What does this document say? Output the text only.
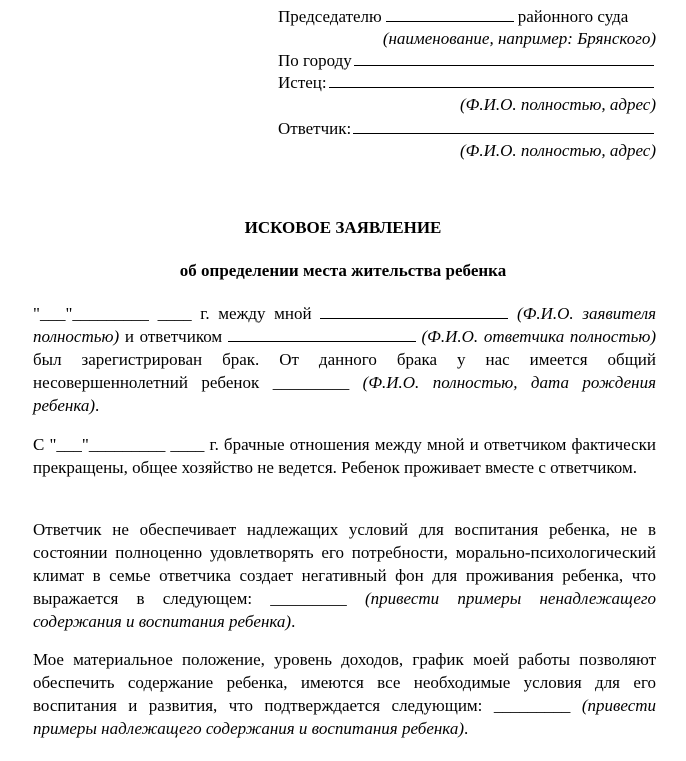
Председателю	районного суда
(наименование, например: Брянского)
По городу
Истец:
(Ф.И.О. полностью, адрес)
Ответчик:
(Ф.И.О. полностью, адрес)
ИСКОВОЕ ЗАЯВЛЕНИЕ
об определении места жительства ребенка

"___"_________ ____ г. между мной	(Ф.И.О. заявителя полностью) и ответчиком	(Ф.И.О. ответчика полностью) был зарегистрирован брак. От данного брака у нас имеется общий несовершеннолетний ребенок _________ (Ф.И.О. полностью, дата рождения ребенка).

С "___"_________ ____ г. брачные отношения между мной и ответчиком фактически прекращены, общее хозяйство не ведется. Ребенок проживает вместе с ответчиком.

Ответчик не обеспечивает надлежащих условий для воспитания ребенка, не в состоянии полноценно удовлетворять его потребности, морально-психологический климат в семье ответчика создает негативный фон для проживания ребенка, что выражается в следующем: _________ (привести примеры ненадлежащего содержания и воспитания ребенка).

Мое материальное положение, уровень доходов, график моей работы позволяют обеспечить содержание ребенка, имеются все необходимые условия для его воспитания и развития, что подтверждается следующим: _________ (привести примеры надлежащего содержания и воспитания ребенка).
